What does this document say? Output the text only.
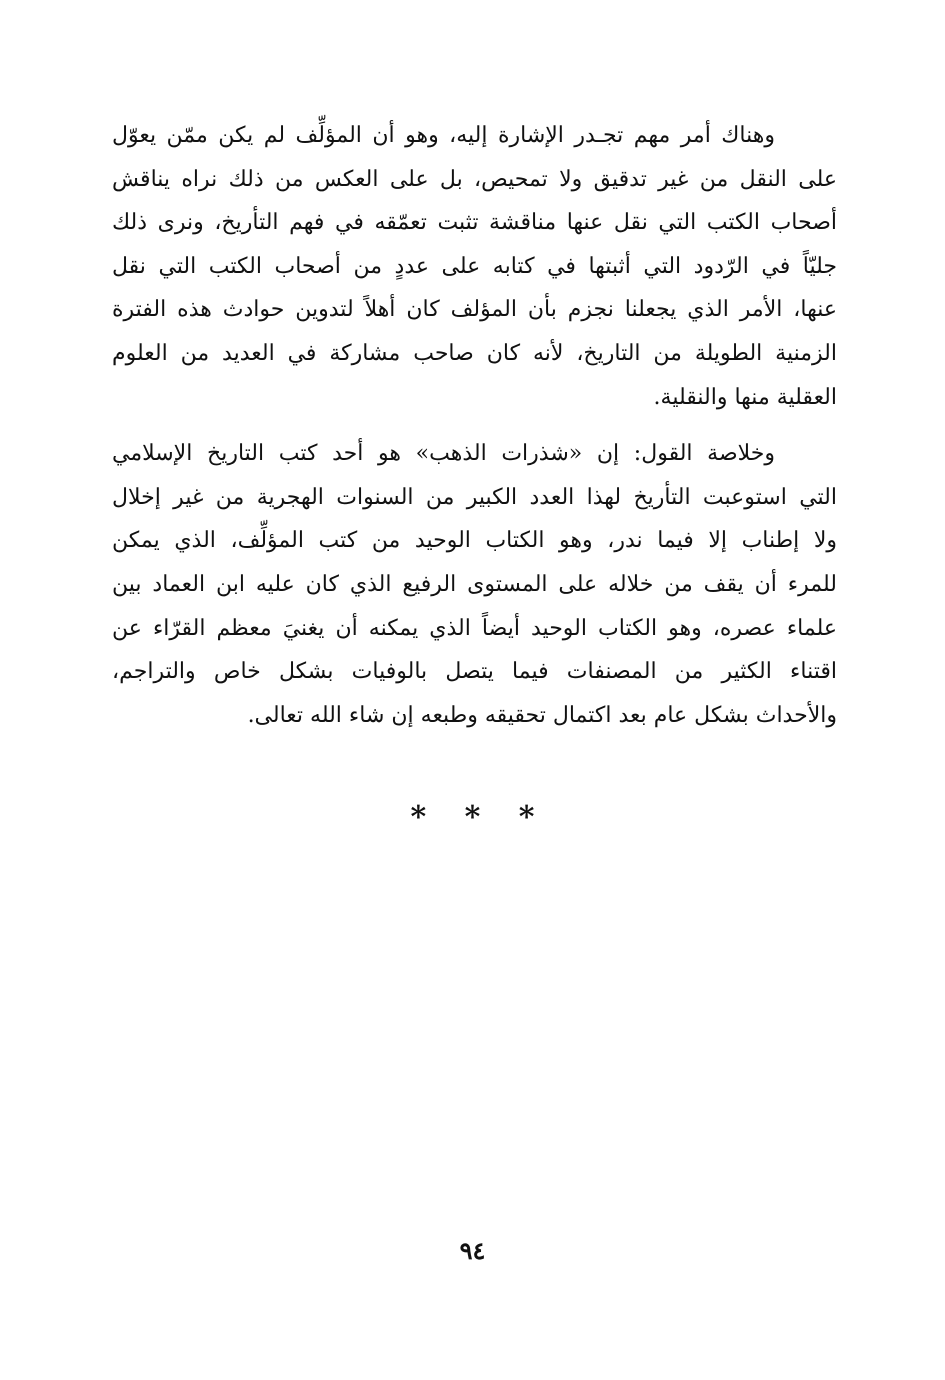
وهناك أمر مهم تجـدر الإشارة إليه، وهو أن المؤلِّف لم يكن ممّن يعوّل
على النقل من غير تدقيق ولا تمحيص، بل على العكس من ذلك نراه يناقش
أصحاب الكتب التي نقل عنها مناقشة تثبت تعمّقه في فهم التأريخ، ونرى ذلك
جليّاً في الرّدود التي أثبتها في كتابه على عددٍ من أصحاب الكتب التي نقل
عنها، الأمر الذي يجعلنا نجزم بأن المؤلف كان أهلاً لتدوين حوادث هذه الفترة
الزمنية الطويلة من التاريخ، لأنه كان صاحب مشاركة في العديد من العلوم
العقلية منها والنقلية.
وخلاصة القول: إن «شذرات الذهب» هو أحد كتب التاريخ الإسلامي
التي استوعبت التأريخ لهذا العدد الكبير من السنوات الهجرية من غير إخلال
ولا إطناب إلا فيما ندر، وهو الكتاب الوحيد من كتب المؤلِّف، الذي يمكن
للمرء أن يقف من خلاله على المستوى الرفيع الذي كان عليه ابن العماد بين
علماء عصره، وهو الكتاب الوحيد أيضاً الذي يمكنه أن يغنيَ معظم القرّاء عن
اقتناء الكثير من المصنفات فيما يتصل بالوفيات بشكل خاص والتراجم،
والأحداث بشكل عام بعد اكتمال تحقيقه وطبعه إن شاء الله تعالى.
* * *
٩٤
